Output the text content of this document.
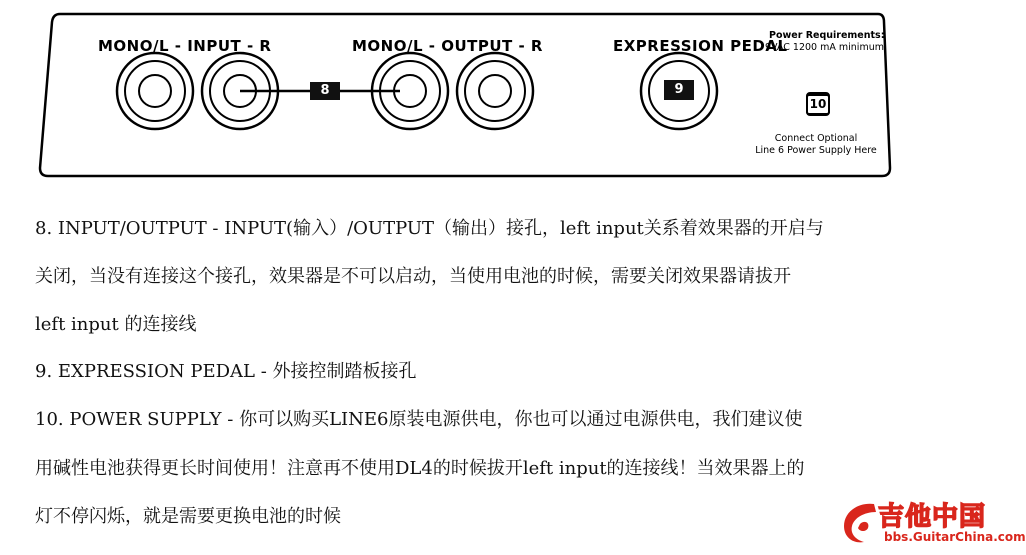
MONO/L - INPUT - R	MONO/L - OUTPUT - R	EXPRESSION PEDAL
Power Requirements:
9VAC 1200 mA minimum
Connect Optional
Line 6 Power Supply Here
8	9
10
8. INPUT/OUTPUT - INPUT(输入）/OUTPUT（输出）接孔，left input关系着效果器的开启与
关闭，当没有连接这个接孔，效果器是不可以启动，当使用电池的时候，需要关闭效果器请拔开
left input 的连接线
9. EXPRESSION PEDAL - 外接控制踏板接孔
10. POWER SUPPLY - 你可以购买LINE6原装电源供电，你也可以通过电源供电，我们建议使
用碱性电池获得更长时间使用！注意再不使用DL4的时候拔开left input的连接线！当效果器上的
灯不停闪烁，就是需要更换电池的时候	吉他中国
bbs.GuitarChina.com
